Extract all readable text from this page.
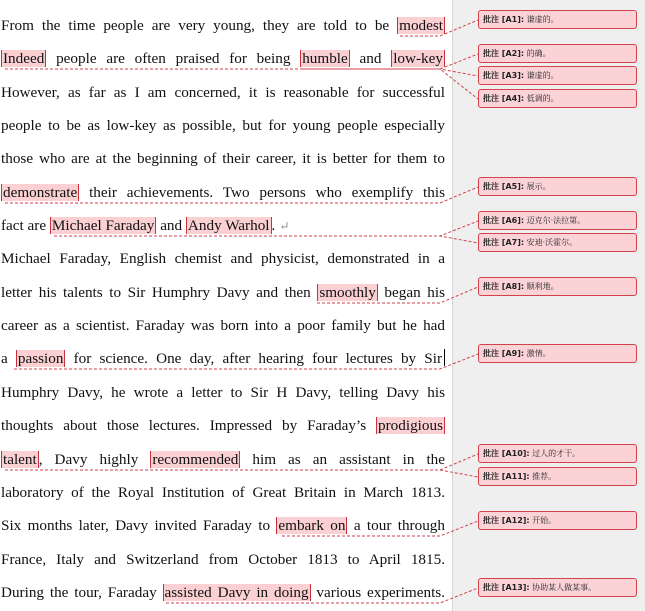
From the time people are very young, they are told to be modest
Indeed people are often praised for being humble and low-key
However, as far as I am concerned, it is reasonable for successful
people to be as low-key as possible, but for young people especially
those who are at the beginning of their career, it is better for them to
demonstrate their achievements. Two persons who exemplify this
fact are Michael Faraday and Andy Warhol . ↵
Michael Faraday, English chemist and physicist, demonstrated in a
letter his talents to Sir Humphry Davy and then smoothly began his
career as a scientist. Faraday was born into a poor family but he had
a passion for science. One day, after hearing four lectures by Sir
Humphry Davy, he wrote a letter to Sir H Davy, telling Davy his
thoughts about those lectures. Impressed by Faraday’s prodigious
talent , Davy highly recommended him as an assistant in the
laboratory of the Royal Institution of Great Britain in March 1813.
Six months later, Davy invited Faraday to embark on a tour through
France, Italy and Switzerland from October 1813 to April 1815.
During the tour, Faraday assisted Davy in doing various experiments.
批注 [A1]: 谦虚的。
批注 [A2]: 的确。
批注 [A3]: 谦虚的。
批注 [A4]: 低调的。
批注 [A5]: 展示。
批注 [A6]: 迈克尔·法拉第。
批注 [A7]: 安迪·沃霍尔。
批注 [A8]: 顺利地。
批注 [A9]: 激情。
批注 [A10]: 过人的才干。
批注 [A11]: 推荐。
批注 [A12]: 开始。
批注 [A13]: 协助某人做某事。
